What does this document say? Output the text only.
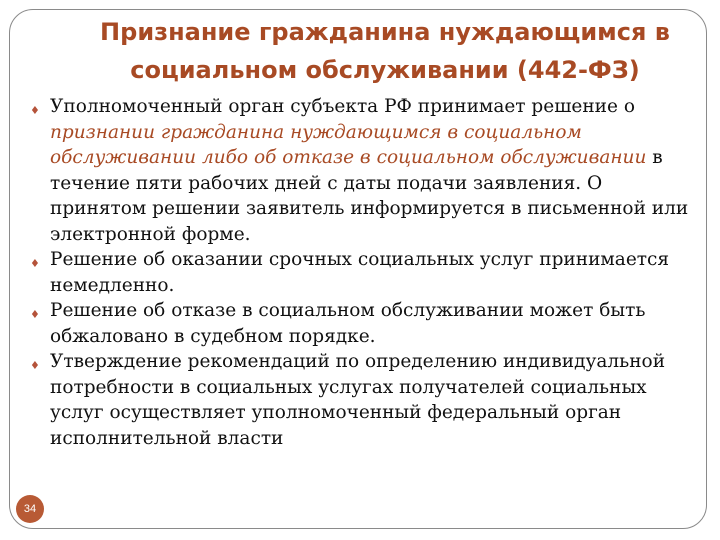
Признание гражданина нуждающимся в социальном обслуживании (442-ФЗ)
♦ Уполномоченный орган субъекта РФ принимает решение о признании гражданина нуждающимся в социальном обслуживании либо об отказе в социальном обслуживании в течение пяти рабочих дней с даты подачи заявления. О принятом решении заявитель информируется в письменной или электронной форме.
♦ Решение об оказании срочных социальных услуг принимается немедленно.
♦ Решение об отказе в социальном обслуживании может быть обжаловано в судебном порядке.
♦ Утверждение рекомендаций по определению индивидуальной потребности в социальных услугах получателей социальных услуг осуществляет уполномоченный федеральный орган исполнительной власти
34
